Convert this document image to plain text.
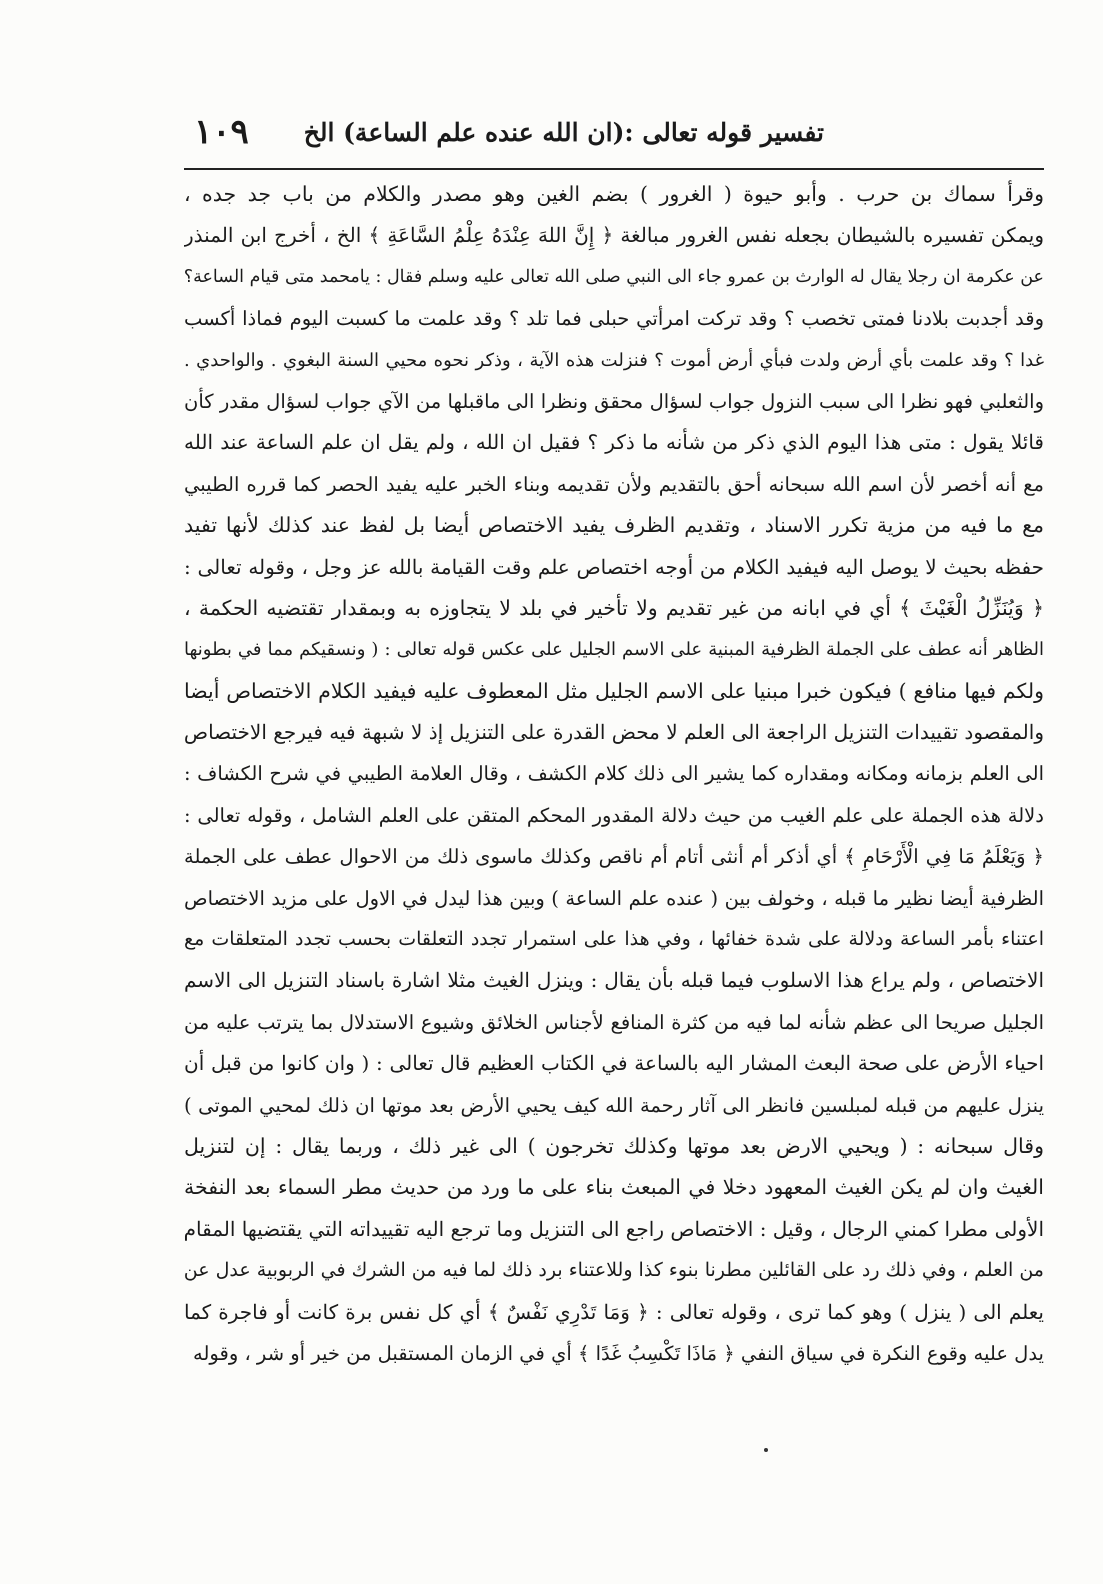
١٠٩ تفسير قوله تعالى :(ان الله عنده علم الساعة) الخ
وقرأ سماك بن حرب . وأبو حيوة ( الغرور ) بضم الغين وهو مصدر والكلام من باب جد جده ،
ويمكن تفسيره بالشيطان بجعله نفس الغرور مبالغة ﴿ إِنَّ اللهَ عِنْدَهُ عِلْمُ السَّاعَةِ ﴾ الخ ، أخرج ابن المنذر
عن عكرمة ان رجلا يقال له الوارث بن عمرو جاء الى النبي صلى الله تعالى عليه وسلم فقال : يامحمد متى قيام الساعة؟
وقد أجدبت بلادنا فمتى تخصب ؟ وقد تركت امرأتي حبلى فما تلد ؟ وقد علمت ما كسبت اليوم فماذا أكسب
غدا ؟ وقد علمت بأي أرض ولدت فبأي أرض أموت ؟ فنزلت هذه الآية ، وذكر نحوه محيي السنة البغوي . والواحدي .
والثعلبي فهو نظرا الى سبب النزول جواب لسؤال محقق ونظرا الى ماقبلها من الآي جواب لسؤال مقدر كأن
قائلا يقول : متى هذا اليوم الذي ذكر من شأنه ما ذكر ؟ فقيل ان الله ، ولم يقل ان علم الساعة عند الله
مع أنه أخصر لأن اسم الله سبحانه أحق بالتقديم ولأن تقديمه وبناء الخبر عليه يفيد الحصر كما قرره الطيبي
مع ما فيه من مزية تكرر الاسناد ، وتقديم الظرف يفيد الاختصاص أيضا بل لفظ عند كذلك لأنها تفيد
حفظه بحيث لا يوصل اليه فيفيد الكلام من أوجه اختصاص علم وقت القيامة بالله عز وجل ، وقوله تعالى :
﴿ وَيُنَزِّلُ الْغَيْثَ ﴾ أي في ابانه من غير تقديم ولا تأخير في بلد لا يتجاوزه به وبمقدار تقتضيه الحكمة ،
الظاهر أنه عطف على الجملة الظرفية المبنية على الاسم الجليل على عكس قوله تعالى : ( ونسقيكم مما في بطونها
ولكم فيها منافع ) فيكون خبرا مبنيا على الاسم الجليل مثل المعطوف عليه فيفيد الكلام الاختصاص أيضا
والمقصود تقييدات التنزيل الراجعة الى العلم لا محض القدرة على التنزيل إذ لا شبهة فيه فيرجع الاختصاص
الى العلم بزمانه ومكانه ومقداره كما يشير الى ذلك كلام الكشف ، وقال العلامة الطيبي في شرح الكشاف :
دلالة هذه الجملة على علم الغيب من حيث دلالة المقدور المحكم المتقن على العلم الشامل ، وقوله تعالى :
﴿ وَيَعْلَمُ مَا فِي الْأَرْحَامِ ﴾ أي أذكر أم أنثى أتام أم ناقص وكذلك ماسوى ذلك من الاحوال عطف على الجملة
الظرفية أيضا نظير ما قبله ، وخولف بين ( عنده علم الساعة ) وبين هذا ليدل في الاول على مزيد الاختصاص
اعتناء بأمر الساعة ودلالة على شدة خفائها ، وفي هذا على استمرار تجدد التعلقات بحسب تجدد المتعلقات مع
الاختصاص ، ولم يراع هذا الاسلوب فيما قبله بأن يقال : وينزل الغيث مثلا اشارة باسناد التنزيل الى الاسم
الجليل صريحا الى عظم شأنه لما فيه من كثرة المنافع لأجناس الخلائق وشيوع الاستدلال بما يترتب عليه من
احياء الأرض على صحة البعث المشار اليه بالساعة في الكتاب العظيم قال تعالى : ( وان كانوا من قبل أن
ينزل عليهم من قبله لمبلسين فانظر الى آثار رحمة الله كيف يحيي الأرض بعد موتها ان ذلك لمحيي الموتى )
وقال سبحانه : ( ويحيي الارض بعد موتها وكذلك تخرجون ) الى غير ذلك ، وربما يقال : إن لتنزيل
الغيث وان لم يكن الغيث المعهود دخلا في المبعث بناء على ما ورد من حديث مطر السماء بعد النفخة
الأولى مطرا كمني الرجال ، وقيل : الاختصاص راجع الى التنزيل وما ترجع اليه تقييداته التي يقتضيها المقام
من العلم ، وفي ذلك رد على القائلين مطرنا بنوء كذا وللاعتناء برد ذلك لما فيه من الشرك في الربوبية عدل عن
يعلم الى ( ينزل ) وهو كما ترى ، وقوله تعالى : ﴿ وَمَا تَدْرِي نَفْسٌ ﴾ أي كل نفس برة كانت أو فاجرة كما
يدل عليه وقوع النكرة في سياق النفي ﴿ مَاذَا تَكْسِبُ غَدًا ﴾ أي في الزمان المستقبل من خير أو شر ، وقوله
